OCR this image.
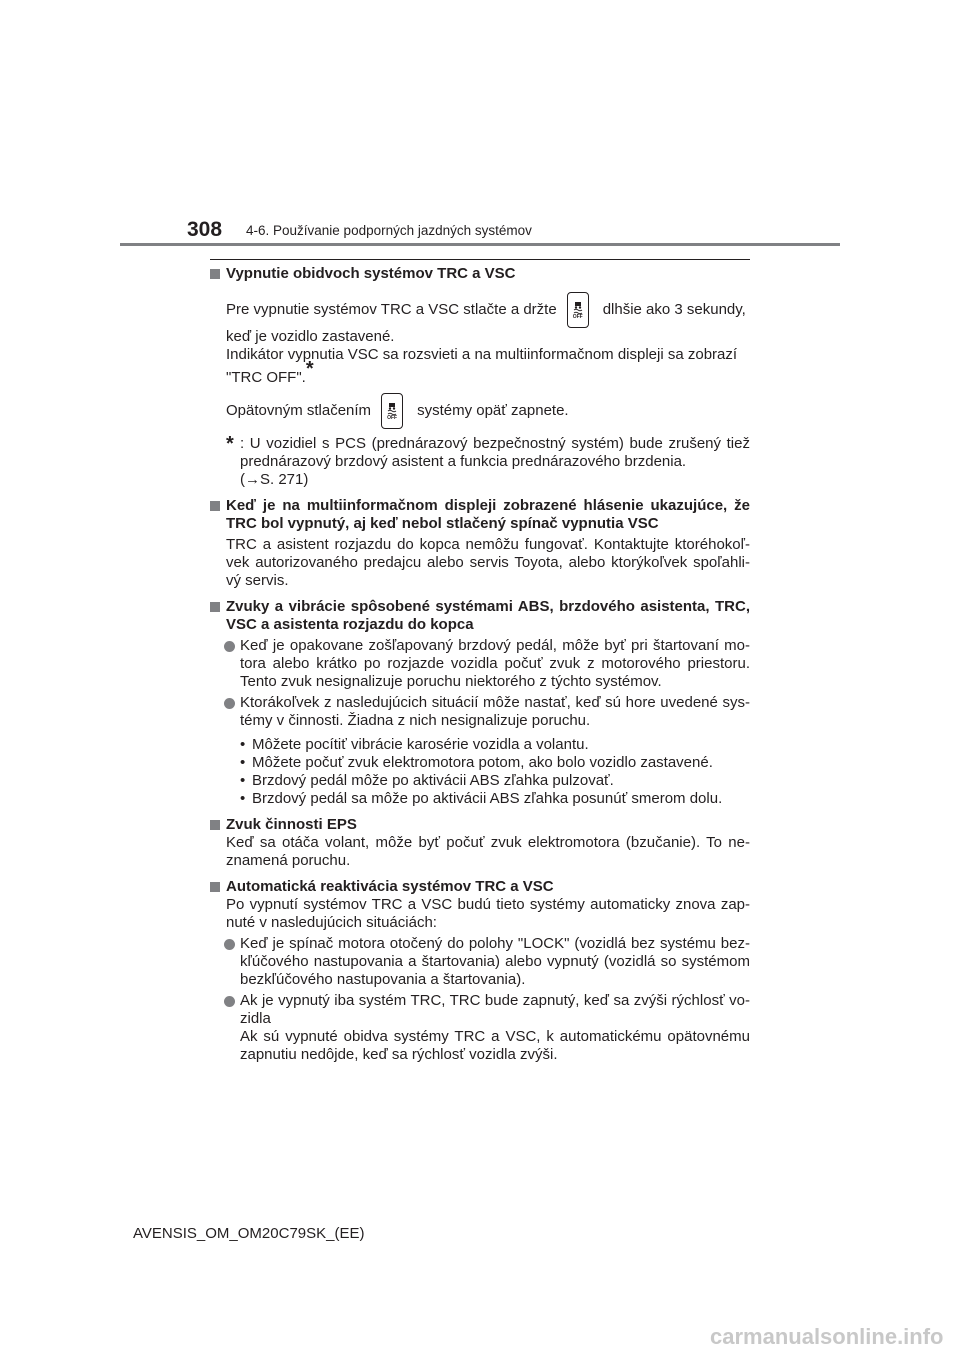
308 4-6. Používanie podporných jazdných systémov
Vypnutie obidvoch systémov TRC a VSC
Pre vypnutie systémov TRC a VSC stlačte a držte	OFF dlhšie ako 3 sekundy,
keď je vozidlo zastavené.
Indikátor vypnutia VSC sa rozsvieti a na multiinformačnom displeji sa zobrazí
"TRC OFF".*
Opätovným stlačením	OFF systémy opäť zapnete.
* : U vozidiel s PCS (prednárazový bezpečnostný systém) bude zrušený tiež prednárazový brzdový asistent a funkcia prednárazového brzdenia.
(→S. 271)
Keď je na multiinformačnom displeji zobrazené hlásenie ukazujúce, že TRC bol vypnutý, aj keď nebol stlačený spínač vypnutia VSC
TRC a asistent rozjazdu do kopca nemôžu fungovať. Kontaktujte ktoréhokoľ-vek autorizovaného predajcu alebo servis Toyota, alebo ktorýkoľvek spoľahli-vý servis.
Zvuky a vibrácie spôsobené systémami ABS, brzdového asistenta, TRC, VSC a asistenta rozjazdu do kopca
Keď je opakovane zošľapovaný brzdový pedál, môže byť pri štartovaní mo-tora alebo krátko po rozjazde vozidla počuť zvuk z motorového priestoru. Tento zvuk nesignalizuje poruchu niektorého z týchto systémov.
Ktorákoľvek z nasledujúcich situácií môže nastať, keď sú hore uvedené sys-témy v činnosti. Žiadna z nich nesignalizuje poruchu.
• Môžete pocítiť vibrácie karosérie vozidla a volantu.
• Môžete počuť zvuk elektromotora potom, ako bolo vozidlo zastavené.
• Brzdový pedál môže po aktivácii ABS zľahka pulzovať.
• Brzdový pedál sa môže po aktivácii ABS zľahka posunúť smerom dolu.
Zvuk činnosti EPS
Keď sa otáča volant, môže byť počuť zvuk elektromotora (bzučanie). To ne-znamená poruchu.
Automatická reaktivácia systémov TRC a VSC
Po vypnutí systémov TRC a VSC budú tieto systémy automaticky znova zap-nuté v nasledujúcich situáciách:
Keď je spínač motora otočený do polohy "LOCK" (vozidlá bez systému bez-kľúčového nastupovania a štartovania) alebo vypnutý (vozidlá so systémom bezkľúčového nastupovania a štartovania).
Ak je vypnutý iba systém TRC, TRC bude zapnutý, keď sa zvýši rýchlosť vo-zidla
Ak sú vypnuté obidva systémy TRC a VSC, k automatickému opätovnému zapnutiu nedôjde, keď sa rýchlosť vozidla zvýši.
AVENSIS_OM_OM20C79SK_(EE)
carmanualsonline.info
